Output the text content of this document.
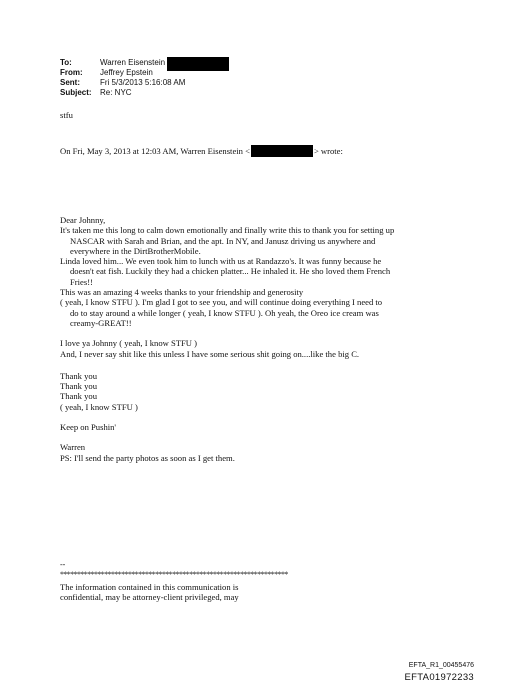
To:	Warren Eisenstein
From:	Jeffrey Epstein
Sent:	Fri 5/3/2013 5:16:08 AM
Subject:	Re: NYC
stfu
On Fri, May 3, 2013 at 12:03 AM, Warren Eisenstein <	> wrote:
Dear Johnny,
It's taken me this long to calm down emotionally and finally write this to thank you for setting up
NASCAR with Sarah and Brian, and the apt. In NY, and Janusz driving us anywhere and
everywhere in the DirtBrotherMobile.
Linda loved him... We even took him to lunch with us at Randazzo's. It was funny because he
doesn't eat fish. Luckily they had a chicken platter... He inhaled it. He sho loved them French
Fries!!
This was an amazing 4 weeks thanks to your friendship and generosity
( yeah, I know STFU ). I'm glad I got to see you, and will continue doing everything I need to
do to stay around a while longer ( yeah, I know STFU ). Oh yeah, the Oreo ice cream was
creamy-GREAT!!
I love ya Johnny ( yeah, I know STFU )
And, I never say shit like this unless I have some serious shit going on....like the big C.
Thank you
Thank you
Thank you
( yeah, I know STFU )
Keep on Pushin'
Warren
PS: I'll send the party photos as soon as I get them.
--
*******************************************************************
The information contained in this communication is
confidential, may be attorney-client privileged, may
EFTA_R1_00455476
EFTA01972233
